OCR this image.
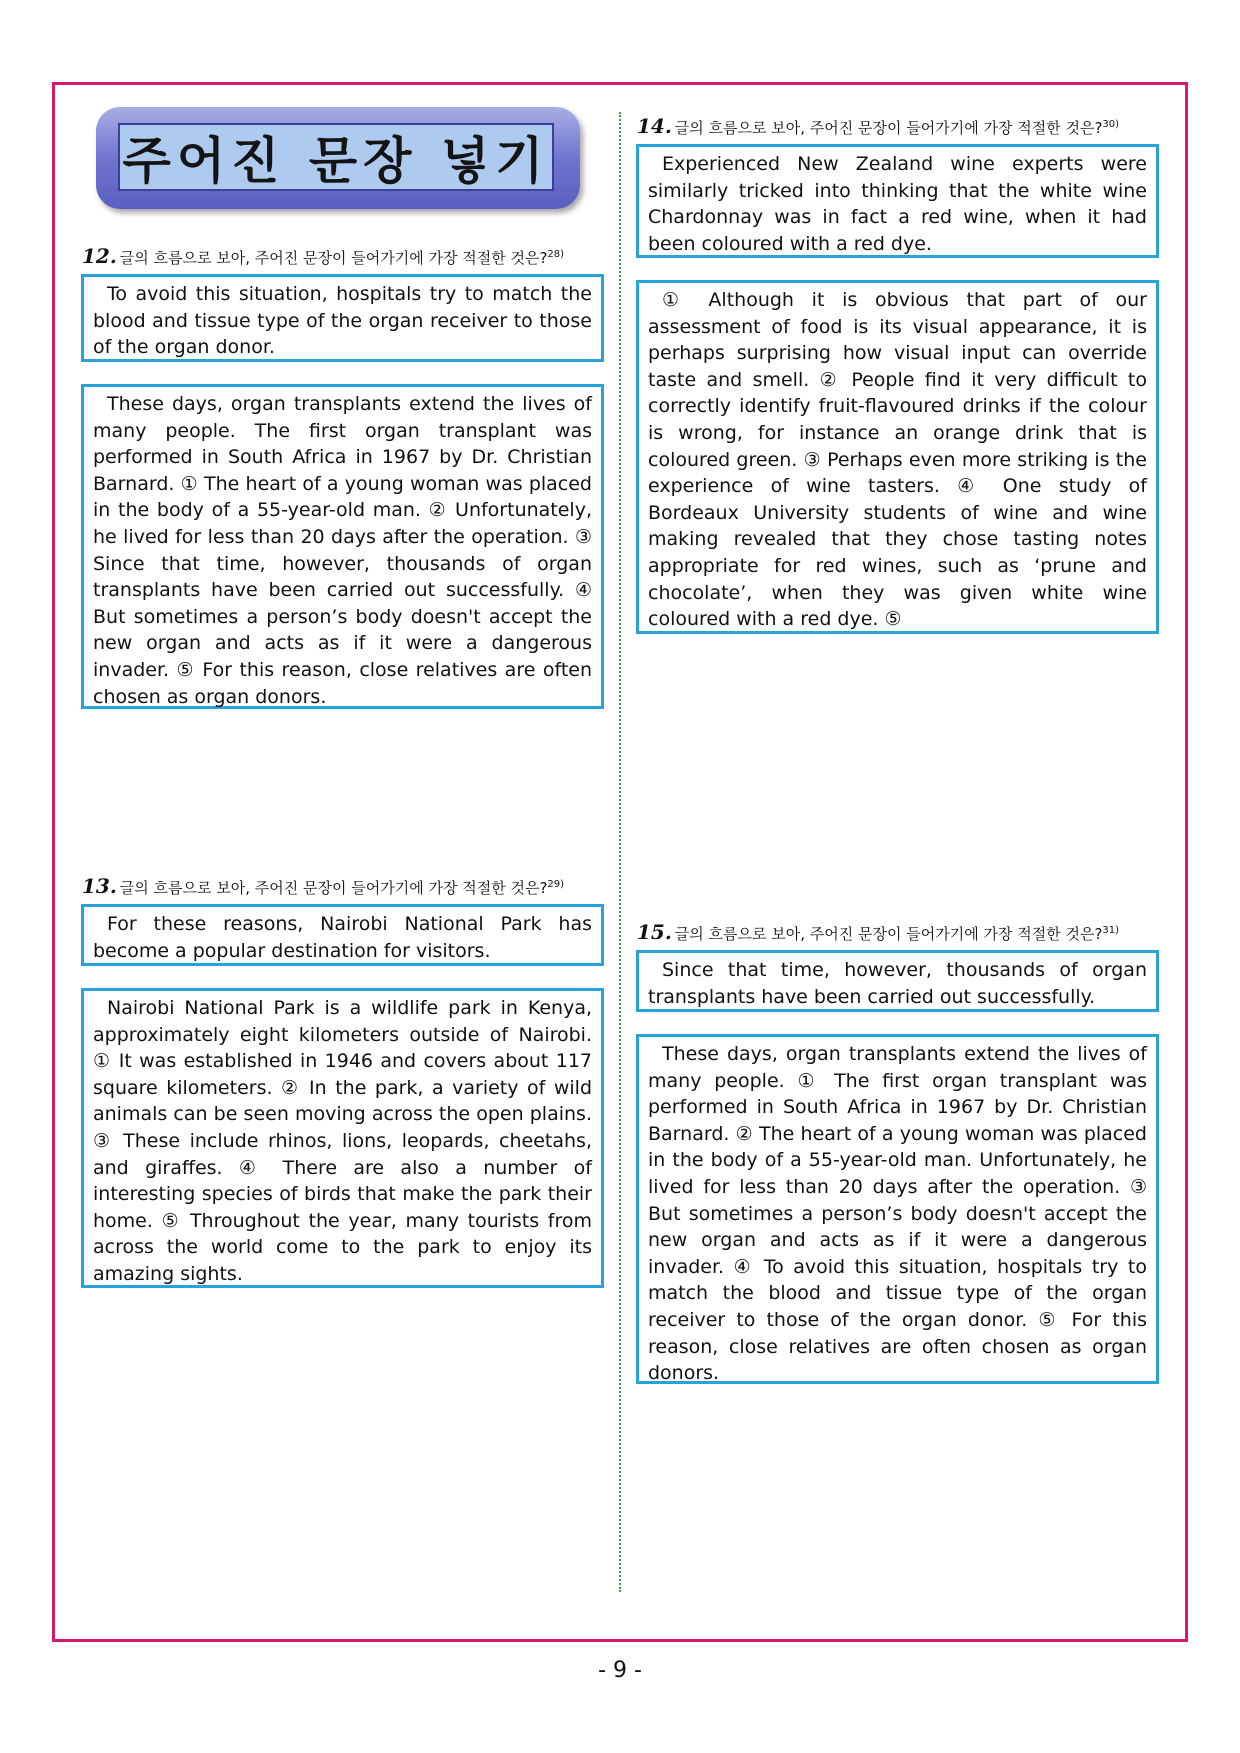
주어진 문장 넣기
12. 글의 흐름으로 보아, 주어진 문장이 들어가기에 가장 적절한 것은?$^{28)}$

To avoid this situation, hospitals try to match the blood and tissue type of the organ receiver to those of the organ donor.

These days, organ transplants extend the lives of many people. The first organ transplant was performed in South Africa in 1967 by Dr. Christian Barnard. ① The heart of a young woman was placed in the body of a 55-year-old man. ② Unfortunately, he lived for less than 20 days after the operation. ③ Since that time, however, thousands of organ transplants have been carried out successfully. ④ But sometimes a person’s body doesn't accept the new organ and acts as if it were a dangerous invader. ⑤ For this reason, close relatives are often chosen as organ donors.

13. 글의 흐름으로 보아, 주어진 문장이 들어가기에 가장 적절한 것은?$^{29)}$

For these reasons, Nairobi National Park has become a popular destination for visitors.

Nairobi National Park is a wildlife park in Kenya, approximately eight kilometers outside of Nairobi. ① It was established in 1946 and covers about 117 square kilometers. ② In the park, a variety of wild animals can be seen moving across the open plains. ③ These include rhinos, lions, leopards, cheetahs, and giraffes. ④ There are also a number of interesting species of birds that make the park their home. ⑤ Throughout the year, many tourists from across the world come to the park to enjoy its amazing sights.

14. 글의 흐름으로 보아, 주어진 문장이 들어가기에 가장 적절한 것은?$^{30)}$

Experienced New Zealand wine experts were similarly tricked into thinking that the white wine Chardonnay was in fact a red wine, when it had been coloured with a red dye.

① Although it is obvious that part of our assessment of food is its visual appearance, it is perhaps surprising how visual input can override taste and smell. ② People find it very difficult to correctly identify fruit-flavoured drinks if the colour is wrong, for instance an orange drink that is coloured green. ③ Perhaps even more striking is the experience of wine tasters. ④ One study of Bordeaux University students of wine and wine making revealed that they chose tasting notes appropriate for red wines, such as ‘prune and chocolate’, when they was given white wine coloured with a red dye. ⑤

15. 글의 흐름으로 보아, 주어진 문장이 들어가기에 가장 적절한 것은?$^{31)}$

Since that time, however, thousands of organ transplants have been carried out successfully.

These days, organ transplants extend the lives of many people. ① The first organ transplant was performed in South Africa in 1967 by Dr. Christian Barnard. ② The heart of a young woman was placed in the body of a 55-year-old man. Unfortunately, he lived for less than 20 days after the operation. ③ But sometimes a person’s body doesn't accept the new organ and acts as if it were a dangerous invader. ④ To avoid this situation, hospitals try to match the blood and tissue type of the organ receiver to those of the organ donor. ⑤ For this reason, close relatives are often chosen as organ donors.

- 9 -
